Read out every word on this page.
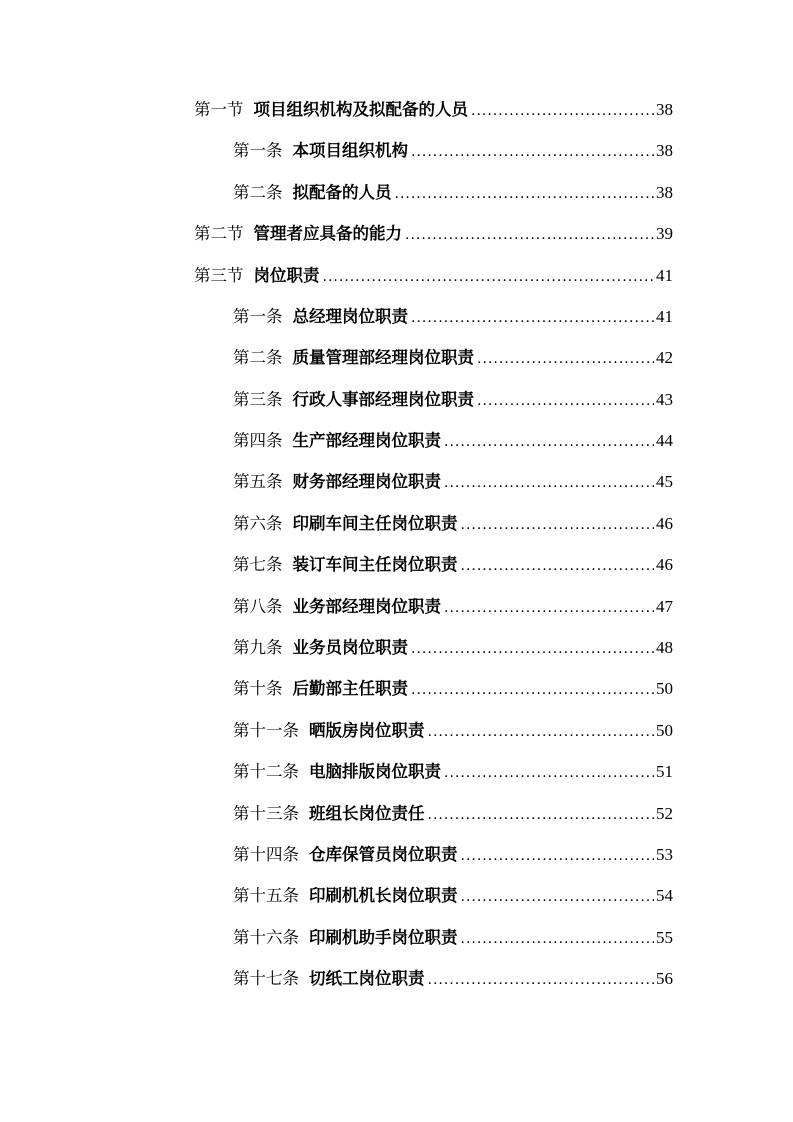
第一节 项目组织机构及拟配备的人员 .....	38
第一条 本项目组织机构 .....	38
第二条 拟配备的人员 .....	38
第二节 管理者应具备的能力 .....	39
第三节 岗位职责 .....	41
第一条 总经理岗位职责 .....	41
第二条 质量管理部经理岗位职责 .....	42
第三条 行政人事部经理岗位职责 .....	43
第四条 生产部经理岗位职责 .....	44
第五条 财务部经理岗位职责 .....	45
第六条 印刷车间主任岗位职责 .....	46
第七条 装订车间主任岗位职责 .....	46
第八条 业务部经理岗位职责 .....	47
第九条 业务员岗位职责 .....	48
第十条 后勤部主任职责 .....	50
第十一条 晒版房岗位职责 .....	50
第十二条 电脑排版岗位职责 .....	51
第十三条 班组长岗位责任 .....	52
第十四条 仓库保管员岗位职责 .....	53
第十五条 印刷机机长岗位职责 .....	54
第十六条 印刷机助手岗位职责 .....	55
第十七条 切纸工岗位职责 .....	56
